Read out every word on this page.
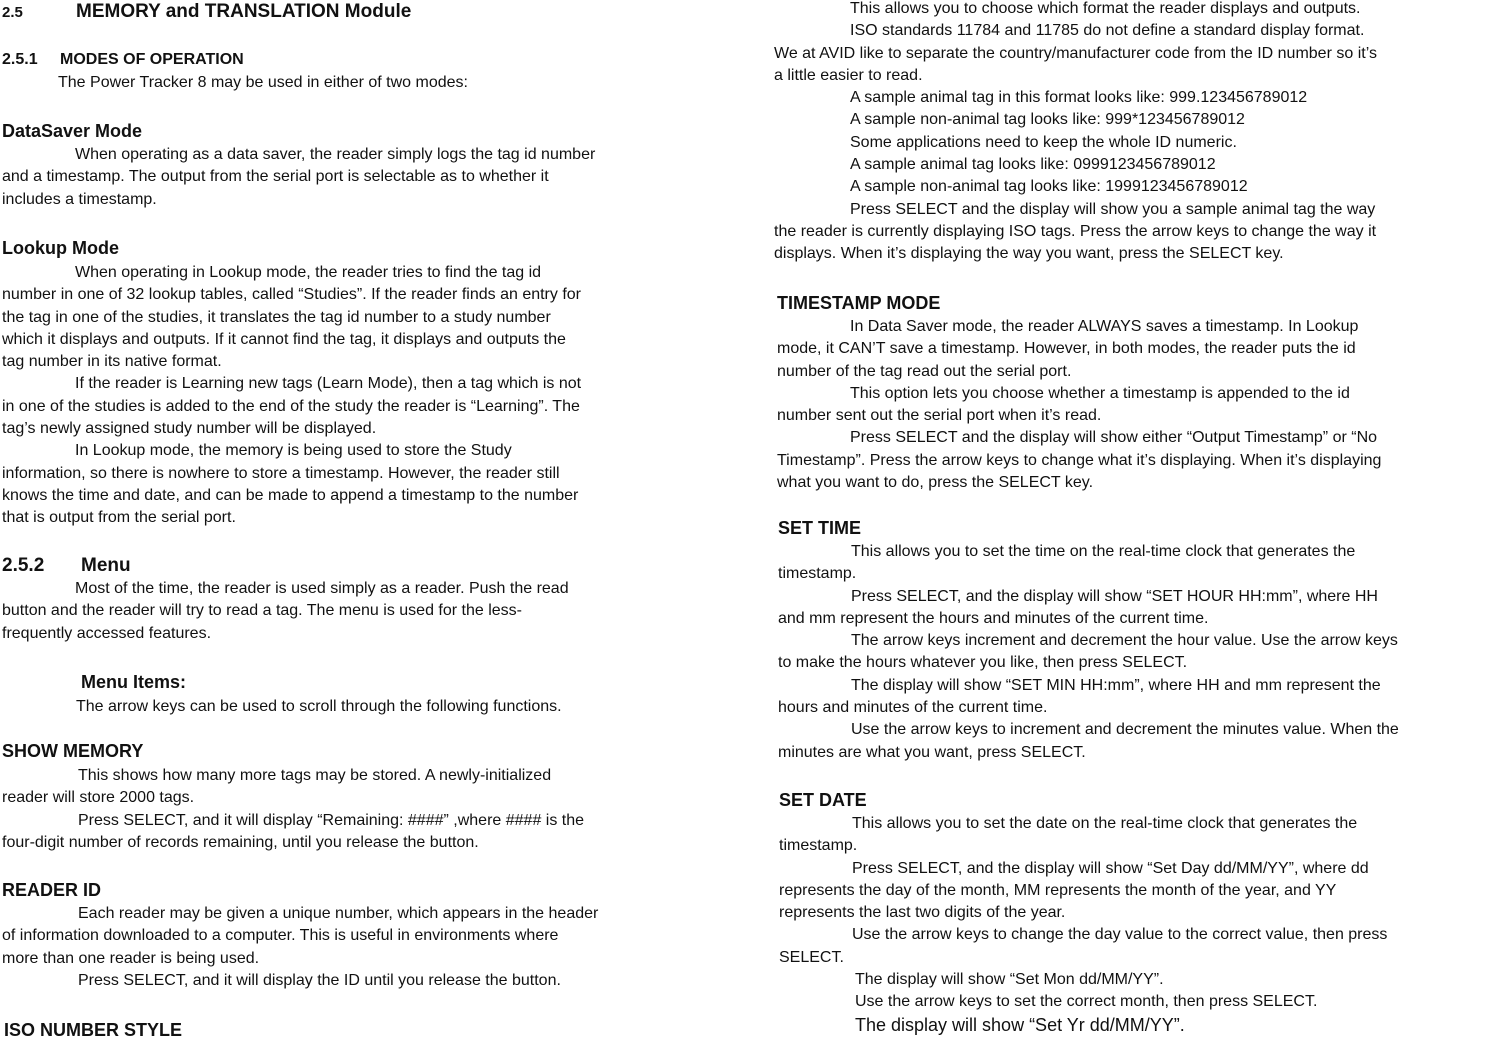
2.5	MEMORY and TRANSLATION Module
2.5.1 MODES OF OPERATION

The Power Tracker 8 may be used in either of two modes:

DataSaver Mode

When operating as a data saver, the reader simply logs the tag id number

and a timestamp. The output from the serial port is selectable as to whether it

includes a timestamp.

Lookup Mode

When operating in Lookup mode, the reader tries to find the tag id

number in one of 32 lookup tables, called “Studies”. If the reader finds an entry for

the tag in one of the studies, it translates the tag id number to a study number

which it displays and outputs. If it cannot find the tag, it displays and outputs the

tag number in its native format.

If the reader is Learning new tags (Learn Mode), then a tag which is not

in one of the studies is added to the end of the study the reader is “Learning”. The

tag’s newly assigned study number will be displayed.

In Lookup mode, the memory is being used to store the Study

information, so there is nowhere to store a timestamp. However, the reader still

knows the time and date, and can be made to append a timestamp to the number

that is output from the serial port.

2.5.2 Menu

Most of the time, the reader is used simply as a reader. Push the read

button and the reader will try to read a tag. The menu is used for the less-

frequently accessed features.

Menu Items:

The arrow keys can be used to scroll through the following functions.

SHOW MEMORY

This shows how many more tags may be stored. A newly-initialized

reader will store 2000 tags.

Press SELECT, and it will display “Remaining: ####” ,where #### is the

four-digit number of records remaining, until you release the button.

READER ID

Each reader may be given a unique number, which appears in the header

of information downloaded to a computer. This is useful in environments where

more than one reader is being used.

Press SELECT, and it will display the ID until you release the button.

ISO NUMBER STYLE

This allows you to choose which format the reader displays and outputs.

ISO standards 11784 and 11785 do not define a standard display format.

We at AVID like to separate the country/manufacturer code from the ID number so it’s

a little easier to read.

A sample animal tag in this format looks like: 999.123456789012

A sample non-animal tag looks like: 999*123456789012

Some applications need to keep the whole ID numeric.

A sample animal tag looks like: 0999123456789012

A sample non-animal tag looks like: 1999123456789012

Press SELECT and the display will show you a sample animal tag the way

the reader is currently displaying ISO tags. Press the arrow keys to change the way it

displays. When it’s displaying the way you want, press the SELECT key.

TIMESTAMP MODE

In Data Saver mode, the reader ALWAYS saves a timestamp. In Lookup

mode, it CAN’T save a timestamp. However, in both modes, the reader puts the id

number of the tag read out the serial port.

This option lets you choose whether a timestamp is appended to the id

number sent out the serial port when it’s read.

Press SELECT and the display will show either “Output Timestamp” or “No

Timestamp”. Press the arrow keys to change what it’s displaying. When it’s displaying

what you want to do, press the SELECT key.

SET TIME

This allows you to set the time on the real-time clock that generates the

timestamp.

Press SELECT, and the display will show “SET HOUR HH:mm”, where HH

and mm represent the hours and minutes of the current time.

The arrow keys increment and decrement the hour value. Use the arrow keys

to make the hours whatever you like, then press SELECT.

The display will show “SET MIN HH:mm”, where HH and mm represent the

hours and minutes of the current time.

Use the arrow keys to increment and decrement the minutes value. When the

minutes are what you want, press SELECT.

SET DATE

This allows you to set the date on the real-time clock that generates the

timestamp.

Press SELECT, and the display will show “Set Day dd/MM/YY”, where dd

represents the day of the month, MM represents the month of the year, and YY

represents the last two digits of the year.

Use the arrow keys to change the day value to the correct value, then press

SELECT.

The display will show “Set Mon dd/MM/YY”.

Use the arrow keys to set the correct month, then press SELECT.

The display will show “Set Yr dd/MM/YY”.
